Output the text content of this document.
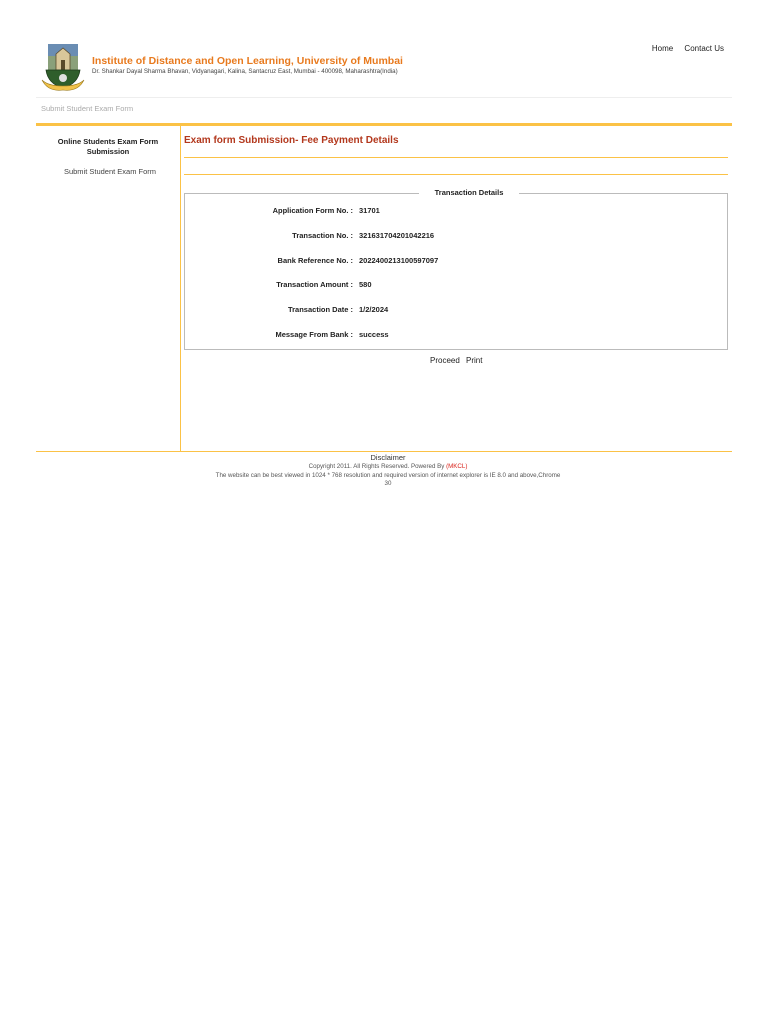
Institute of Distance and Open Learning, University of Mumbai
Dr. Shankar Dayal Sharma Bhavan, Vidyanagari, Kalina, Santacruz East, Mumbai - 400098, Maharashtra(India)
Home Contact Us
Submit Student Exam Form
Online Students Exam Form Submission
Submit Student Exam Form
Exam form Submission- Fee Payment Details
Transaction Details
Application Form No. : 31701
Transaction No. : 321631704201042216
Bank Reference No. : 2022400213100597097
Transaction Amount : 580
Transaction Date : 1/2/2024
Message From Bank : success
Proceed Print
Disclaimer
Copyright 2011. All Rights Reserved. Powered By (MKCL)
The website can be best viewed in 1024 * 768 resolution and required version of internet explorer is IE 8.0 and above,Chrome
30
